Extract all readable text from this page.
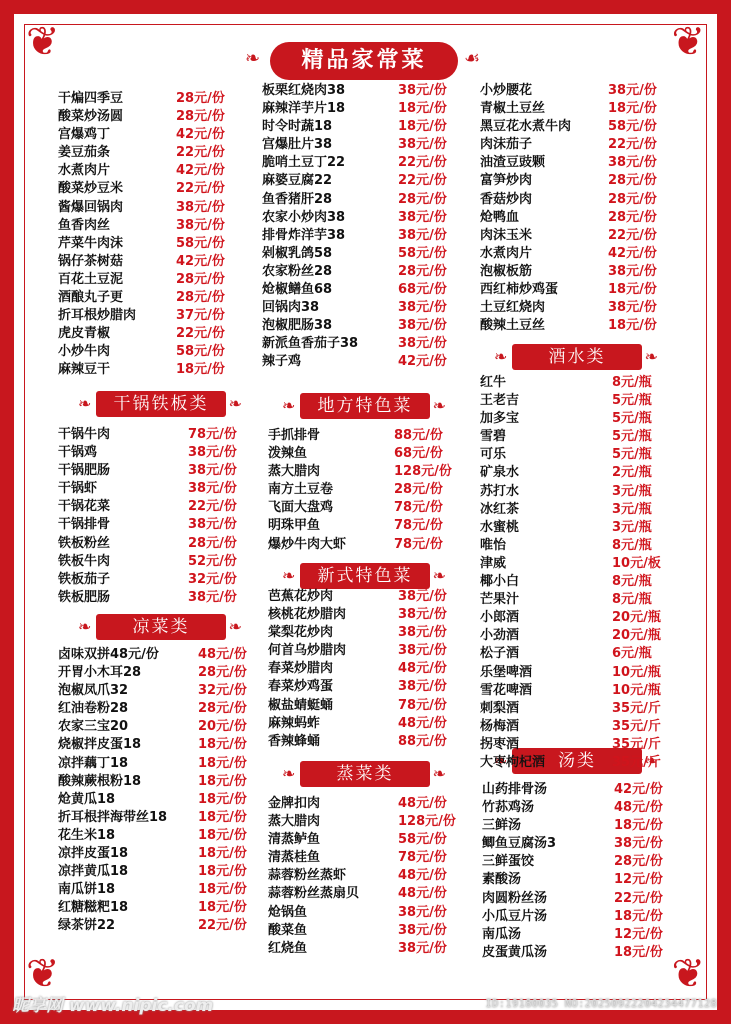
❦	❦
❦	❦
❧	精品家常菜	☙
❧ 干锅铁板类 ❧
❧ 凉菜类 ❧
❧ 地方特色菜 ❧
❧ 新式特色菜 ❧
❧ 蒸菜类 ❧
❧ 酒水类 ❧
❧ 汤类 ❧
干煸四季豆	28元/份
酸菜炒汤圆	28元/份
宫爆鸡丁	42元/份
姜豆茄条	22元/份
水煮肉片	42元/份
酸菜炒豆米	22元/份
酱爆回锅肉	38元/份
鱼香肉丝	38元/份
芹菜牛肉沫	58元/份
锅仔茶树菇	42元/份
百花土豆泥	28元/份
酒酿丸子更	28元/份
折耳根炒腊肉	37元/份
虎皮青椒	22元/份
小炒牛肉	58元/份
麻辣豆干	18元/份
板栗红烧肉38	38元/份
麻辣洋芋片18	18元/份
时令时蔬18	18元/份
宫爆肚片38	38元/份
脆哨土豆丁22	22元/份
麻婆豆腐22	22元/份
鱼香猪肝28	28元/份
农家小炒肉38	38元/份
排骨炸洋芋38	38元/份
剁椒乳鸽58	58元/份
农家粉丝28	28元/份
炝椒鳝鱼68	68元/份
回锅肉38	38元/份
泡椒肥肠38	38元/份
新派鱼香茄子38	38元/份
辣子鸡	42元/份
小炒腰花	38元/份
青椒土豆丝	18元/份
黑豆花水煮牛肉	58元/份
肉沫茄子	22元/份
油渣豆豉颗	38元/份
富笋炒肉	28元/份
香菇炒肉	28元/份
炝鸭血	28元/份
肉沫玉米	22元/份
水煮肉片	42元/份
泡椒板筋	38元/份
西红柿炒鸡蛋	18元/份
土豆红烧肉	38元/份
酸辣土豆丝	18元/份
干锅牛肉	78元/份
干锅鸡	38元/份
干锅肥肠	38元/份
干锅虾	38元/份
干锅花菜	22元/份
干锅排骨	38元/份
铁板粉丝	28元/份
铁板牛肉	52元/份
铁板茄子	32元/份
铁板肥肠	38元/份
卤味双拼48元/份	48元/份
开胃小木耳28	28元/份
泡椒凤爪32	32元/份
红油卷粉28	28元/份
农家三宝20	20元/份
烧椒拌皮蛋18	18元/份
凉拌藕丁18	18元/份
酸辣蕨根粉18	18元/份
炝黄瓜18	18元/份
折耳根拌海带丝18 18元/份
花生米18	18元/份
凉拌皮蛋18	18元/份
凉拌黄瓜18	18元/份
南瓜饼18	18元/份
红糖糍粑18	18元/份
绿茶饼22	22元/份
手抓排骨	88元/份
泼辣鱼	68元/份
蒸大腊肉	128元/份
南方土豆卷	28元/份
飞面大盘鸡	78元/份
明珠甲鱼	78元/份
爆炒牛肉大虾	78元/份
芭蕉花炒肉	38元/份
核桃花炒腊肉	38元/份
棠梨花炒肉	38元/份
何首乌炒腊肉	38元/份
春菜炒腊肉	48元/份
春菜炒鸡蛋	38元/份
椒盐蜻蜓蛹	78元/份
麻辣蚂蚱	48元/份
香辣蜂蛹	88元/份
金牌扣肉	48元/份
蒸大腊肉	128元/份
清蒸鲈鱼	58元/份
清蒸桂鱼	78元/份
蒜蓉粉丝蒸虾	48元/份
蒜蓉粉丝蒸扇贝	48元/份
炝锅鱼	38元/份
酸菜鱼	38元/份
红烧鱼	38元/份
红牛	8元/瓶
王老吉	5元/瓶
加多宝	5元/瓶
雪碧	5元/瓶
可乐	5元/瓶
矿泉水	2元/瓶
苏打水	3元/瓶
冰红茶	3元/瓶
水蜜桃	3元/瓶
唯怡	8元/瓶
津威	10元/板
椰小白	8元/瓶
芒果汁	8元/瓶
小郎酒	20元/瓶
小劲酒	20元/瓶
松子酒	6元/瓶
乐堡啤酒	10元/瓶
雪花啤酒	10元/瓶
刺梨酒	35元/斤
杨梅酒	35元/斤
拐枣酒	35元/斤
大枣枸杞酒	35元/斤
山药排骨汤	42元/份
竹荪鸡汤	48元/份
三鲜汤	18元/份
鲫鱼豆腐汤3	38元/份
三鲜蛋饺	28元/份
素酸汤	12元/份
肉圆粉丝汤	22元/份
小瓜豆片汤	18元/份
南瓜汤	12元/份
皮蛋黄瓜汤	18元/份
昵享网 www.nipic.com	ID:19180035 NO:20250922204234477128
